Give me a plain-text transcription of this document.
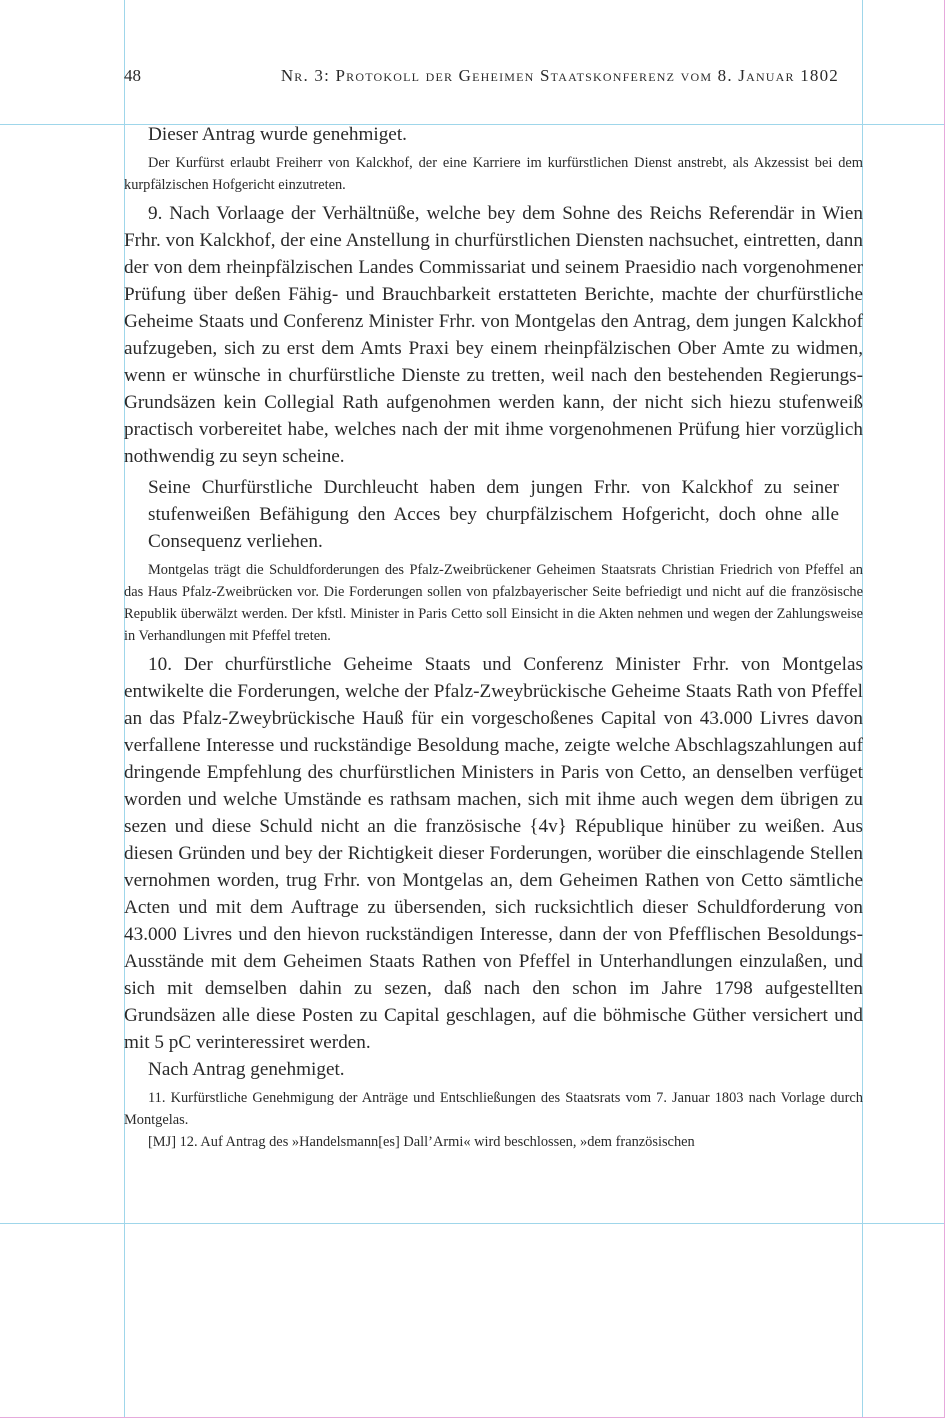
48	Nr. 3: Protokoll der Geheimen Staatskonferenz vom 8. Januar 1802

Dieser Antrag wurde genehmiget.

Der Kurfürst erlaubt Freiherr von Kalckhof, der eine Karriere im kurfürstlichen Dienst anstrebt, als Akzessist bei dem kurpfälzischen Hofgericht einzutreten.

9. Nach Vorlaage der Verhältnüße, welche bey dem Sohne des Reichs Referendär in Wien Frhr. von Kalckhof, der eine Anstellung in churfürstlichen Diensten nachsuchet, eintretten, dann der von dem rheinpfälzischen Landes Commissariat und seinem Praesidio nach vorgenohmener Prüfung über deßen Fähig- und Brauchbarkeit erstatteten Berichte, machte der churfürstliche Geheime Staats und Conferenz Minister Frhr. von Montgelas den Antrag, dem jungen Kalckhof aufzugeben, sich zu erst dem Amts Praxi bey einem rheinpfälzischen Ober Amte zu widmen, wenn er wünsche in churfürstliche Dienste zu tretten, weil nach den bestehenden Regierungs-Grundsäzen kein Collegial Rath aufgenohmen werden kann, der nicht sich hiezu stufenweiß practisch vorbereitet habe, welches nach der mit ihme vorgenohmenen Prüfung hier vorzüglich nothwendig zu seyn scheine.

Seine Churfürstliche Durchleucht haben dem jungen Frhr. von Kalckhof zu seiner stufenweißen Befähigung den Acces bey churpfälzischem Hofgericht, doch ohne alle Consequenz verliehen.

Montgelas trägt die Schuldforderungen des Pfalz-Zweibrückener Geheimen Staatsrats Christian Friedrich von Pfeffel an das Haus Pfalz-Zweibrücken vor. Die Forderungen sollen von pfalzbayerischer Seite befriedigt und nicht auf die französische Republik überwälzt werden. Der kfstl. Minister in Paris Cetto soll Einsicht in die Akten nehmen und wegen der Zahlungsweise in Verhandlungen mit Pfeffel treten.

10. Der churfürstliche Geheime Staats und Conferenz Minister Frhr. von Montgelas entwikelte die Forderungen, welche der Pfalz-Zweybrückische Geheime Staats Rath von Pfeffel an das Pfalz-Zweybrückische Hauß für ein vorgeschoßenes Capital von 43.000 Livres davon verfallene Interesse und ruckständige Besoldung mache, zeigte welche Abschlagszahlungen auf dringende Empfehlung des churfürstlichen Ministers in Paris von Cetto, an denselben verfüget worden und welche Umstände es rathsam machen, sich mit ihme auch wegen dem übrigen zu sezen und diese Schuld nicht an die französische {4v} République hinüber zu weißen. Aus diesen Gründen und bey der Richtigkeit dieser Forderungen, worüber die einschlagende Stellen vernohmen worden, trug Frhr. von Montgelas an, dem Geheimen Rathen von Cetto sämtliche Acten und mit dem Auftrage zu übersenden, sich rucksichtlich dieser Schuldforderung von 43.000 Livres und den hievon ruckständigen Interesse, dann der von Pfefflischen Besoldungs-Ausstände mit dem Geheimen Staats Rathen von Pfeffel in Unterhandlungen einzulaßen, und sich mit demselben dahin zu sezen, daß nach den schon im Jahre 1798 aufgestellten Grundsäzen alle diese Posten zu Capital geschlagen, auf die böhmische Güther versichert und mit 5 pC verinteressiret werden.

Nach Antrag genehmiget.

11. Kurfürstliche Genehmigung der Anträge und Entschließungen des Staatsrats vom 7. Januar 1803 nach Vorlage durch Montgelas.

[MJ] 12. Auf Antrag des »Handelsmann[es] Dall’Armi« wird beschlossen, »dem französischen
